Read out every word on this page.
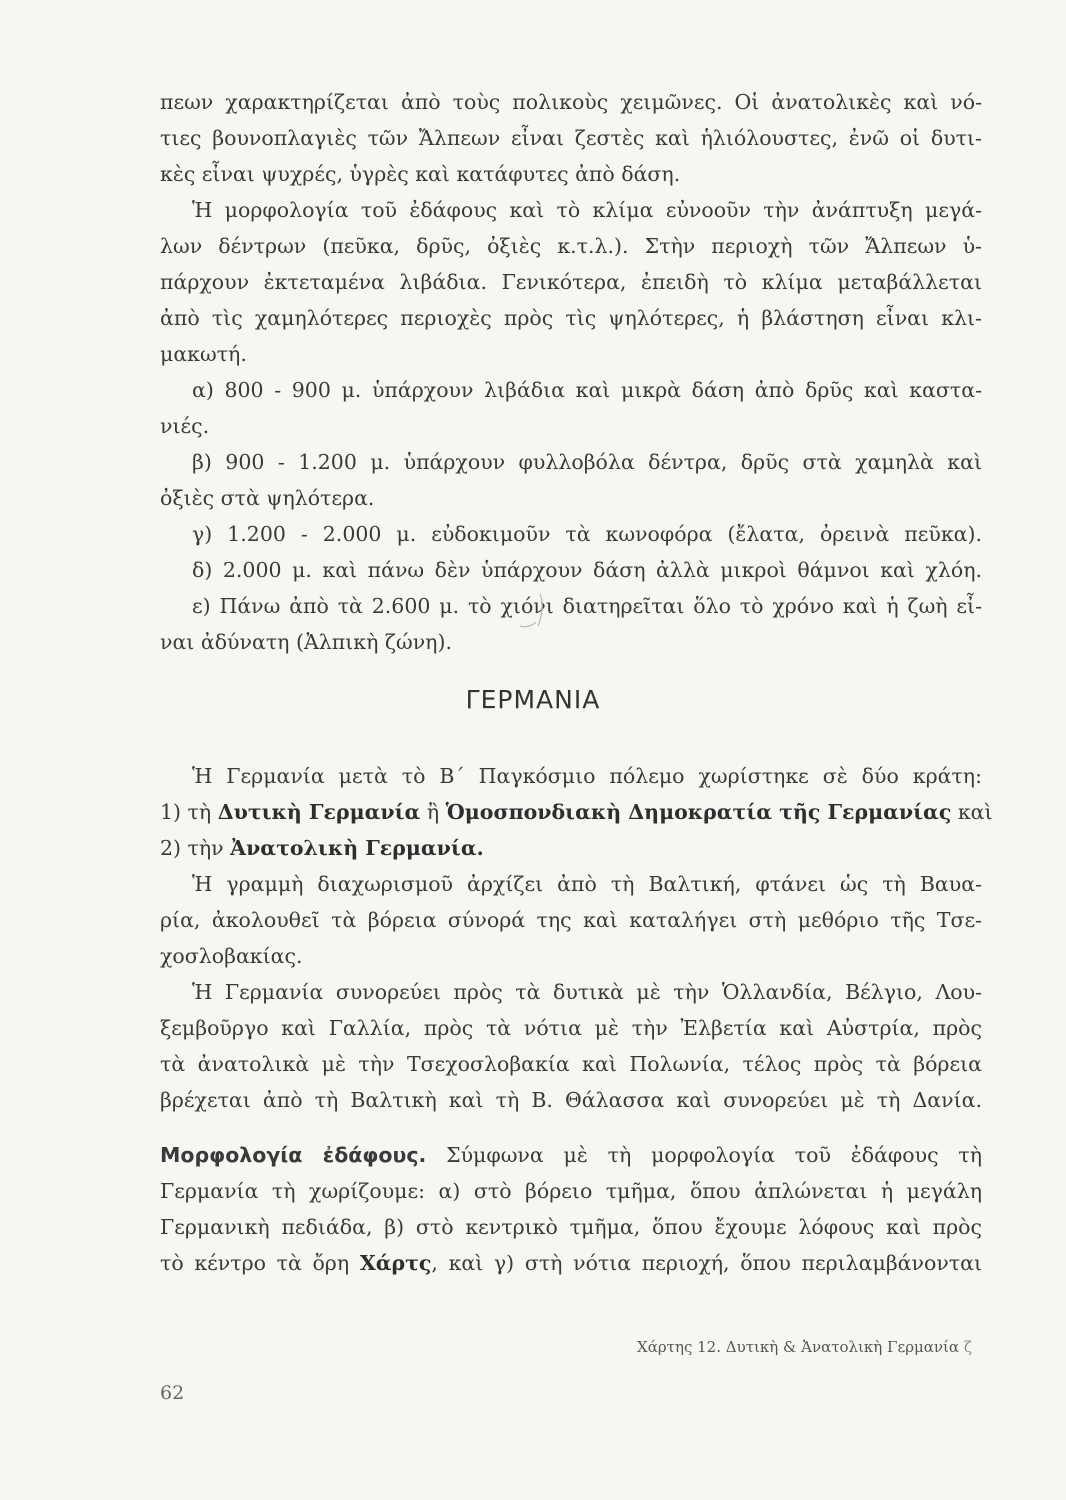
πεων χαρακτηρίζεται ἀπὸ τοὺς πολικοὺς χειμῶνες. Οἱ ἀνατολικὲς καὶ νό-
τιες βουνοπλαγιὲς τῶν Ἄλπεων εἶναι ζεστὲς καὶ ἡλιόλουστες, ἐνῶ οἱ δυτι-
κὲς εἶναι ψυχρές, ὑγρὲς καὶ κατάφυτες ἀπὸ δάση.
Ἡ μορφολογία τοῦ ἐδάφους καὶ τὸ κλίμα εὐνοοῦν τὴν ἀνάπτυξη μεγά-
λων δέντρων (πεῦκα, δρῦς, ὀξιὲς κ.τ.λ.). Στὴν περιοχὴ τῶν Ἄλπεων ὑ-
πάρχουν ἐκτεταμένα λιβάδια. Γενικότερα, ἐπειδὴ τὸ κλίμα μεταβάλλεται
ἀπὸ τὶς χαμηλότερες περιοχὲς πρὸς τὶς ψηλότερες, ἡ βλάστηση εἶναι κλι-
μακωτή.
α) 800 - 900 μ. ὑπάρχουν λιβάδια καὶ μικρὰ δάση ἀπὸ δρῦς καὶ καστα-
νιές.
β) 900 - 1.200 μ. ὑπάρχουν φυλλοβόλα δέντρα, δρῦς στὰ χαμηλὰ καὶ
ὀξιὲς στὰ ψηλότερα.
γ) 1.200 - 2.000 μ. εὐδοκιμοῦν τὰ κωνοφόρα (ἔλατα, ὀρεινὰ πεῦκα).
δ) 2.000 μ. καὶ πάνω δὲν ὑπάρχουν δάση ἀλλὰ μικροὶ θάμνοι καὶ χλόη.
ε) Πάνω ἀπὸ τὰ 2.600 μ. τὸ χιόνι διατηρεῖται ὅλο τὸ χρόνο καὶ ἡ ζωὴ εἶ-
ναι ἀδύνατη (Ἀλπικὴ ζώνη).
ΓΕΡΜΑΝΙΑ
Ἡ Γερμανία μετὰ τὸ Β΄ Παγκόσμιο πόλεμο χωρίστηκε σὲ δύο κράτη:
1) τὴ Δυτικὴ Γερμανία ἢ Ὁμοσπονδιακὴ Δημοκρατία τῆς Γερμανίας καὶ
2) τὴν Ἀνατολικὴ Γερμανία.
Ἡ γραμμὴ διαχωρισμοῦ ἀρχίζει ἀπὸ τὴ Βαλτική, φτάνει ὡς τὴ Βαυα-
ρία, ἀκολουθεῖ τὰ βόρεια σύνορά της καὶ καταλήγει στὴ μεθόριο τῆς Τσε-
χοσλοβακίας.
Ἡ Γερμανία συνορεύει πρὸς τὰ δυτικὰ μὲ τὴν Ὁλλανδία, Βέλγιο, Λου-
ξεμβοῦργο καὶ Γαλλία, πρὸς τὰ νότια μὲ τὴν Ἐλβετία καὶ Αὐστρία, πρὸς
τὰ ἀνατολικὰ μὲ τὴν Τσεχοσλοβακία καὶ Πολωνία, τέλος πρὸς τὰ βόρεια
βρέχεται ἀπὸ τὴ Βαλτικὴ καὶ τὴ Β. Θάλασσα καὶ συνορεύει μὲ τὴ Δανία.
Μορφολογία ἐδάφους. Σύμφωνα μὲ τὴ μορφολογία τοῦ ἐδάφους τὴ
Γερμανία τὴ χωρίζουμε: α) στὸ βόρειο τμῆμα, ὅπου ἁπλώνεται ἡ μεγάλη
Γερμανικὴ πεδιάδα, β) στὸ κεντρικὸ τμῆμα, ὅπου ἔχουμε λόφους καὶ πρὸς
τὸ κέντρο τὰ ὄρη Χάρτς, καὶ γ) στὴ νότια περιοχή, ὅπου περιλαμβάνονται
Χάρτης 12. Δυτικὴ & Ἀνατολικὴ Γερμανία ζ
62
